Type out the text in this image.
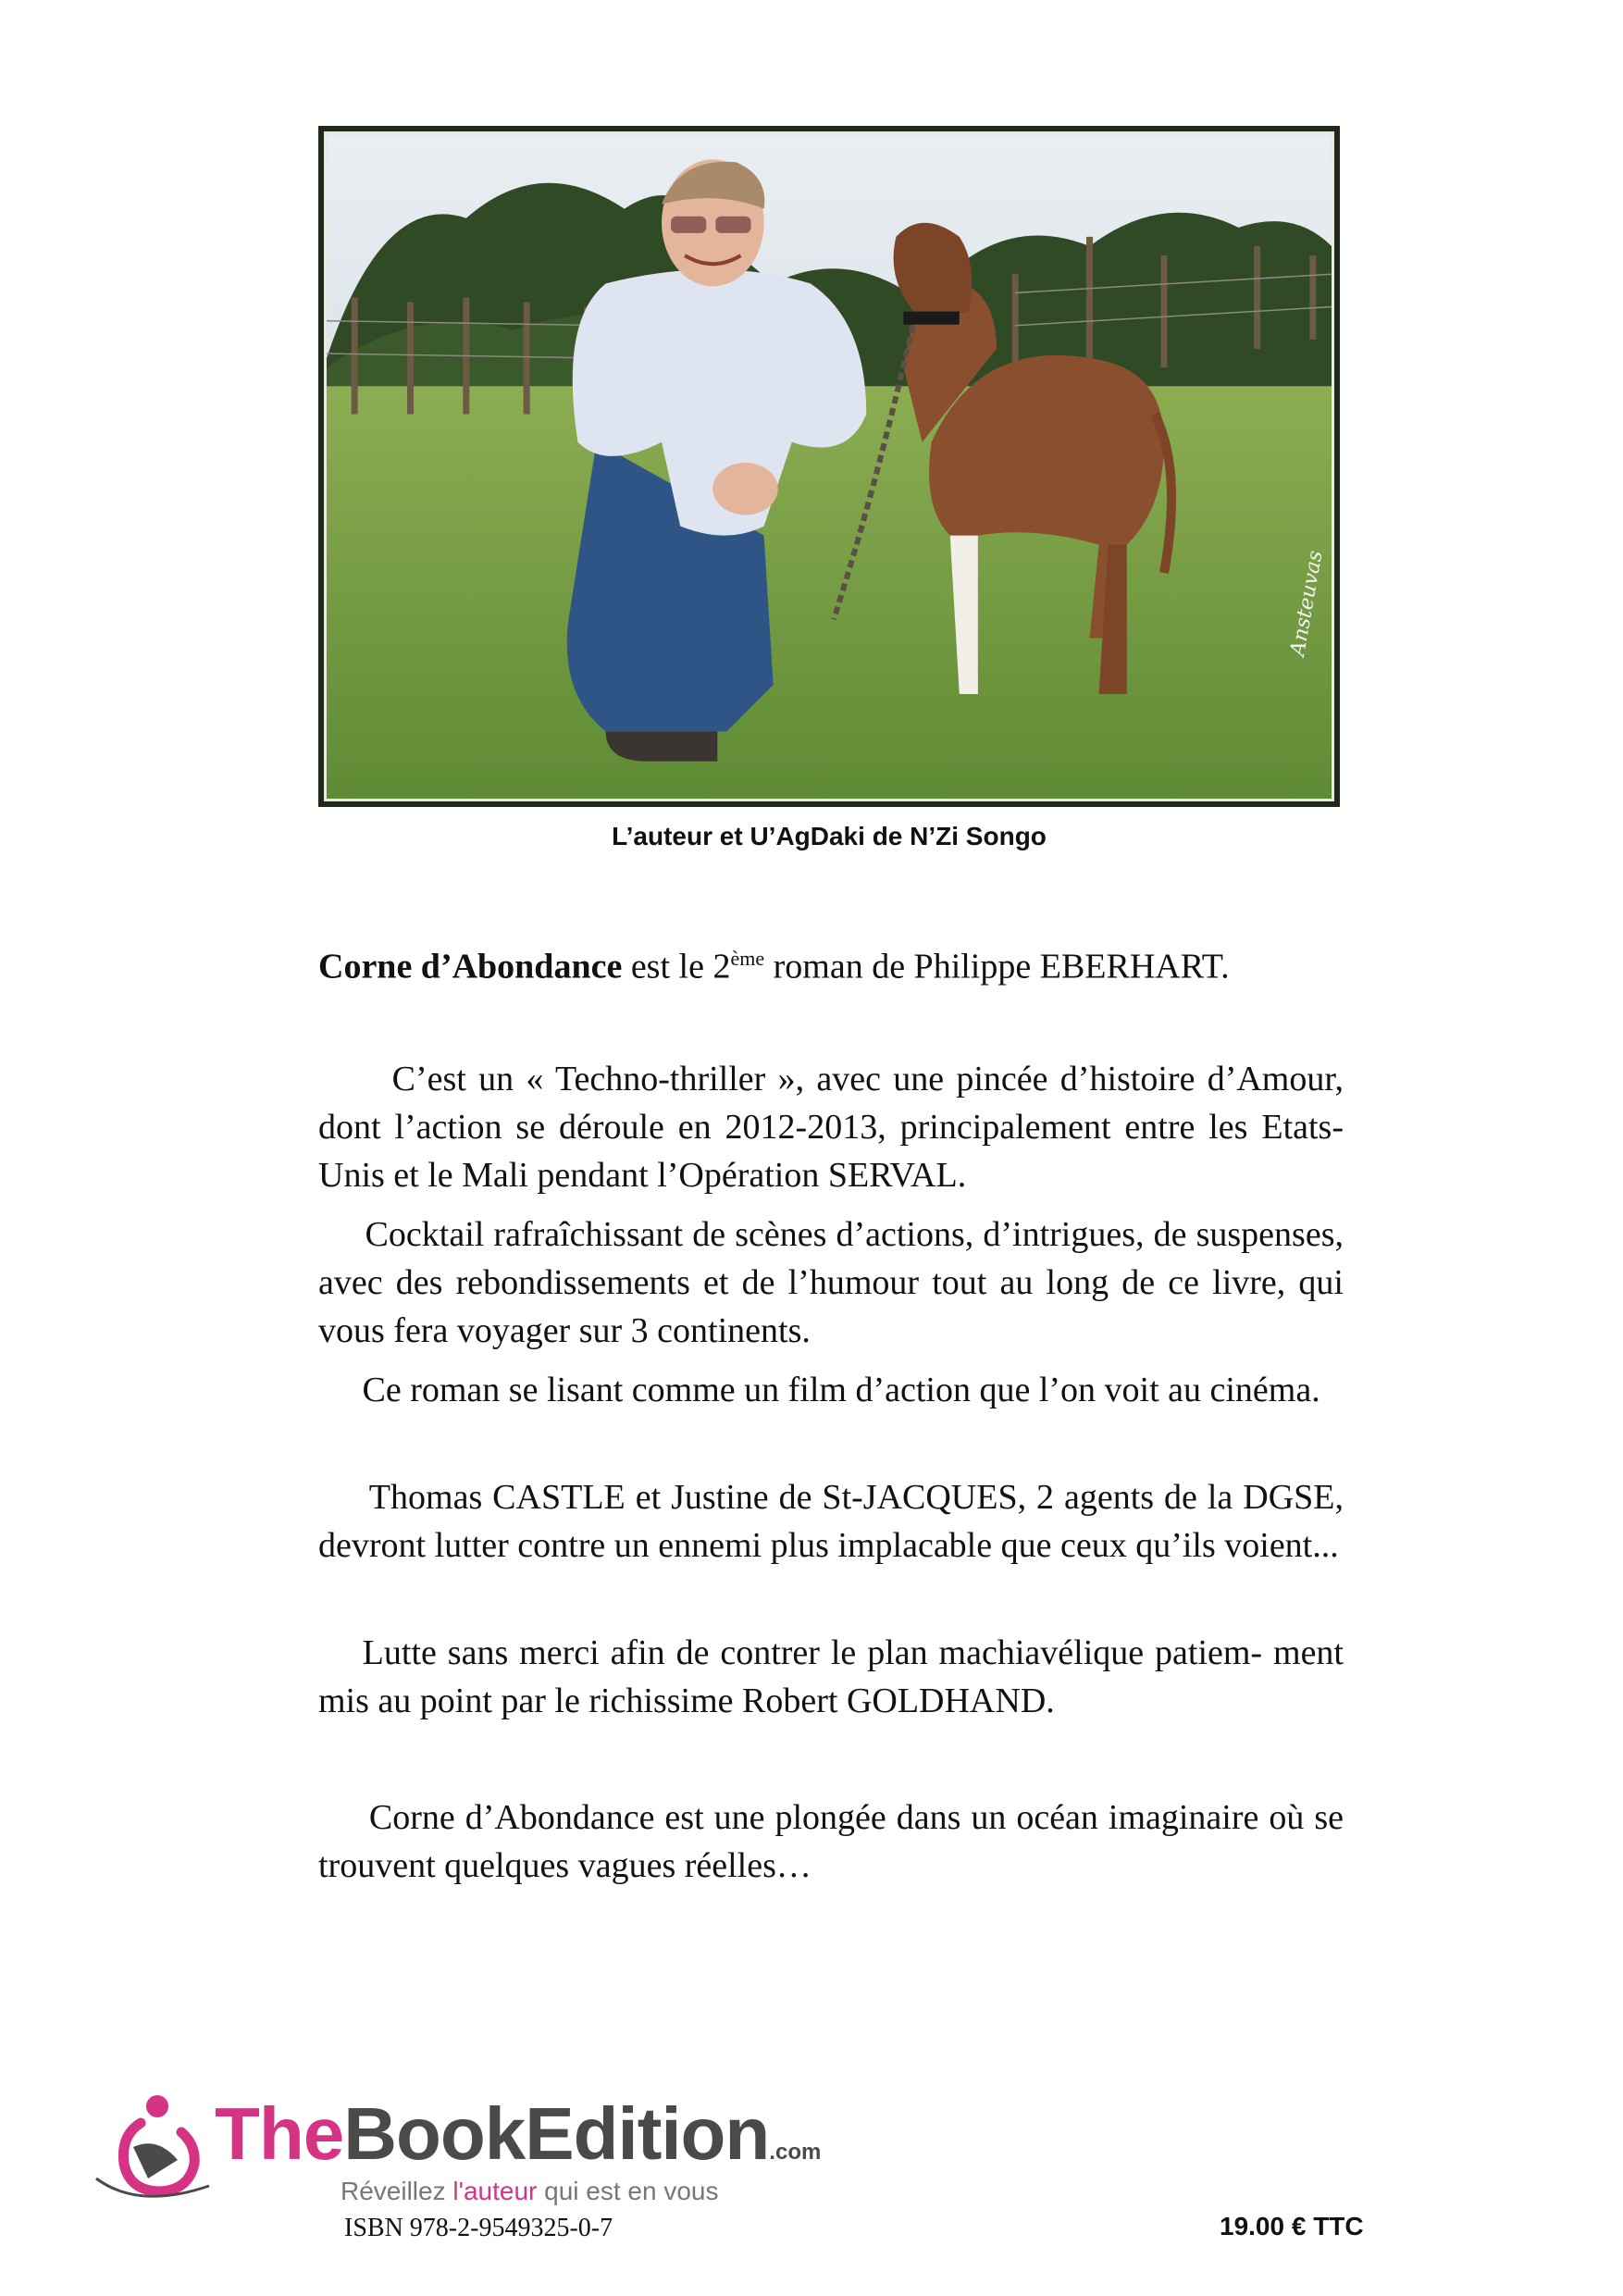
Ansteuvas
L’auteur et U’AgDaki de N’Zi Songo
Corne d’Abondance est le 2ème roman de Philippe EBERHART.

C’est un « Techno-thriller », avec une pincée d’histoire d’Amour, dont l’action se déroule en 2012-2013, principalement entre les Etats-Unis et le Mali pendant l’Opération SERVAL.

Cocktail rafraîchissant de scènes d’actions, d’intrigues, de suspenses, avec des rebondissements et de l’humour tout au long de ce livre, qui vous fera voyager sur 3 continents.

Ce roman se lisant comme un film d’action que l’on voit au cinéma.

Thomas CASTLE et Justine de St-JACQUES, 2 agents de la DGSE, devront lutter contre un ennemi plus implacable que ceux qu’ils voient...

Lutte sans merci afin de contrer le plan machiavélique patiem- ment mis au point par le richissime Robert GOLDHAND.

Corne d’Abondance est une plongée dans un océan imaginaire où se trouvent quelques vagues réelles…

TheBookEdition.com
Réveillez l'auteur qui est en vous
ISBN 978-2-9549325-0-7	19.00 € TTC
